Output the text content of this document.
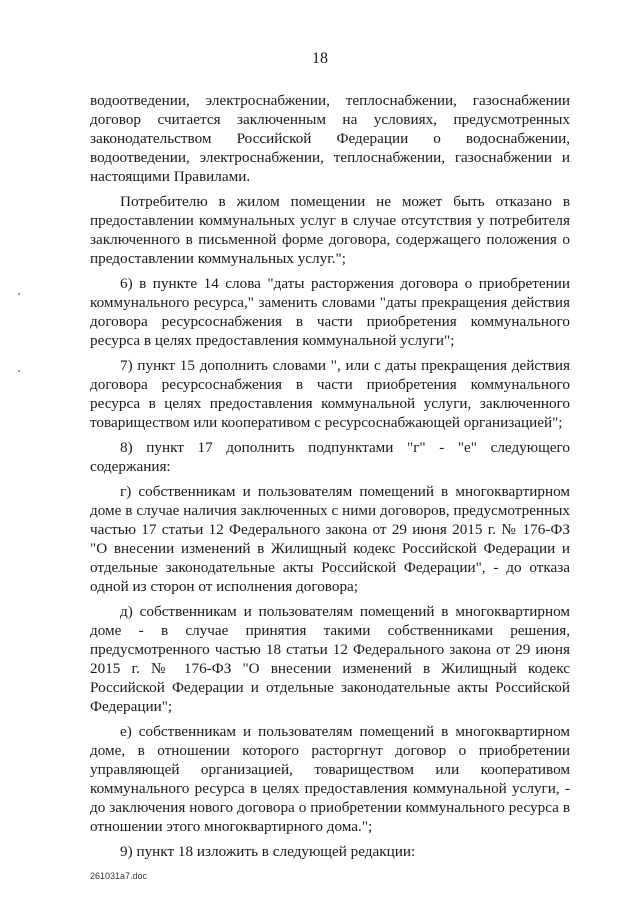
18

водоотведении, электроснабжении, теплоснабжении, газоснабжении договор считается заключенным на условиях, предусмотренных законодательством Российской Федерации о водоснабжении, водоотведении, электроснабжении, теплоснабжении, газоснабжении и настоящими Правилами.

Потребителю в жилом помещении не может быть отказано в предоставлении коммунальных услуг в случае отсутствия у потребителя заключенного в письменной форме договора, содержащего положения о предоставлении коммунальных услуг.";

6) в пункте 14 слова "даты расторжения договора о приобретении коммунального ресурса," заменить словами "даты прекращения действия договора ресурсоснабжения в части приобретения коммунального ресурса в целях предоставления коммунальной услуги";

7) пункт 15 дополнить словами ", или с даты прекращения действия договора ресурсоснабжения в части приобретения коммунального ресурса в целях предоставления коммунальной услуги, заключенного товариществом или кооперативом с ресурсоснабжающей организацией";

8) пункт 17 дополнить подпунктами "г" - "е" следующего содержания:

г) собственникам и пользователям помещений в многоквартирном доме в случае наличия заключенных с ними договоров, предусмотренных частью 17 статьи 12 Федерального закона от 29 июня 2015 г. № 176-ФЗ "О внесении изменений в Жилищный кодекс Российской Федерации и отдельные законодательные акты Российской Федерации", - до отказа одной из сторон от исполнения договора;

д) собственникам и пользователям помещений в многоквартирном доме - в случае принятия такими собственниками решения, предусмотренного частью 18 статьи 12 Федерального закона от 29 июня 2015 г. № 176-ФЗ "О внесении изменений в Жилищный кодекс Российской Федерации и отдельные законодательные акты Российской Федерации";

е) собственникам и пользователям помещений в многоквартирном доме, в отношении которого расторгнут договор о приобретении управляющей организацией, товариществом или кооперативом коммунального ресурса в целях предоставления коммунальной услуги, - до заключения нового договора о приобретении коммунального ресурса в отношении этого многоквартирного дома.";

9) пункт 18 изложить в следующей редакции:

261031a7.doc
